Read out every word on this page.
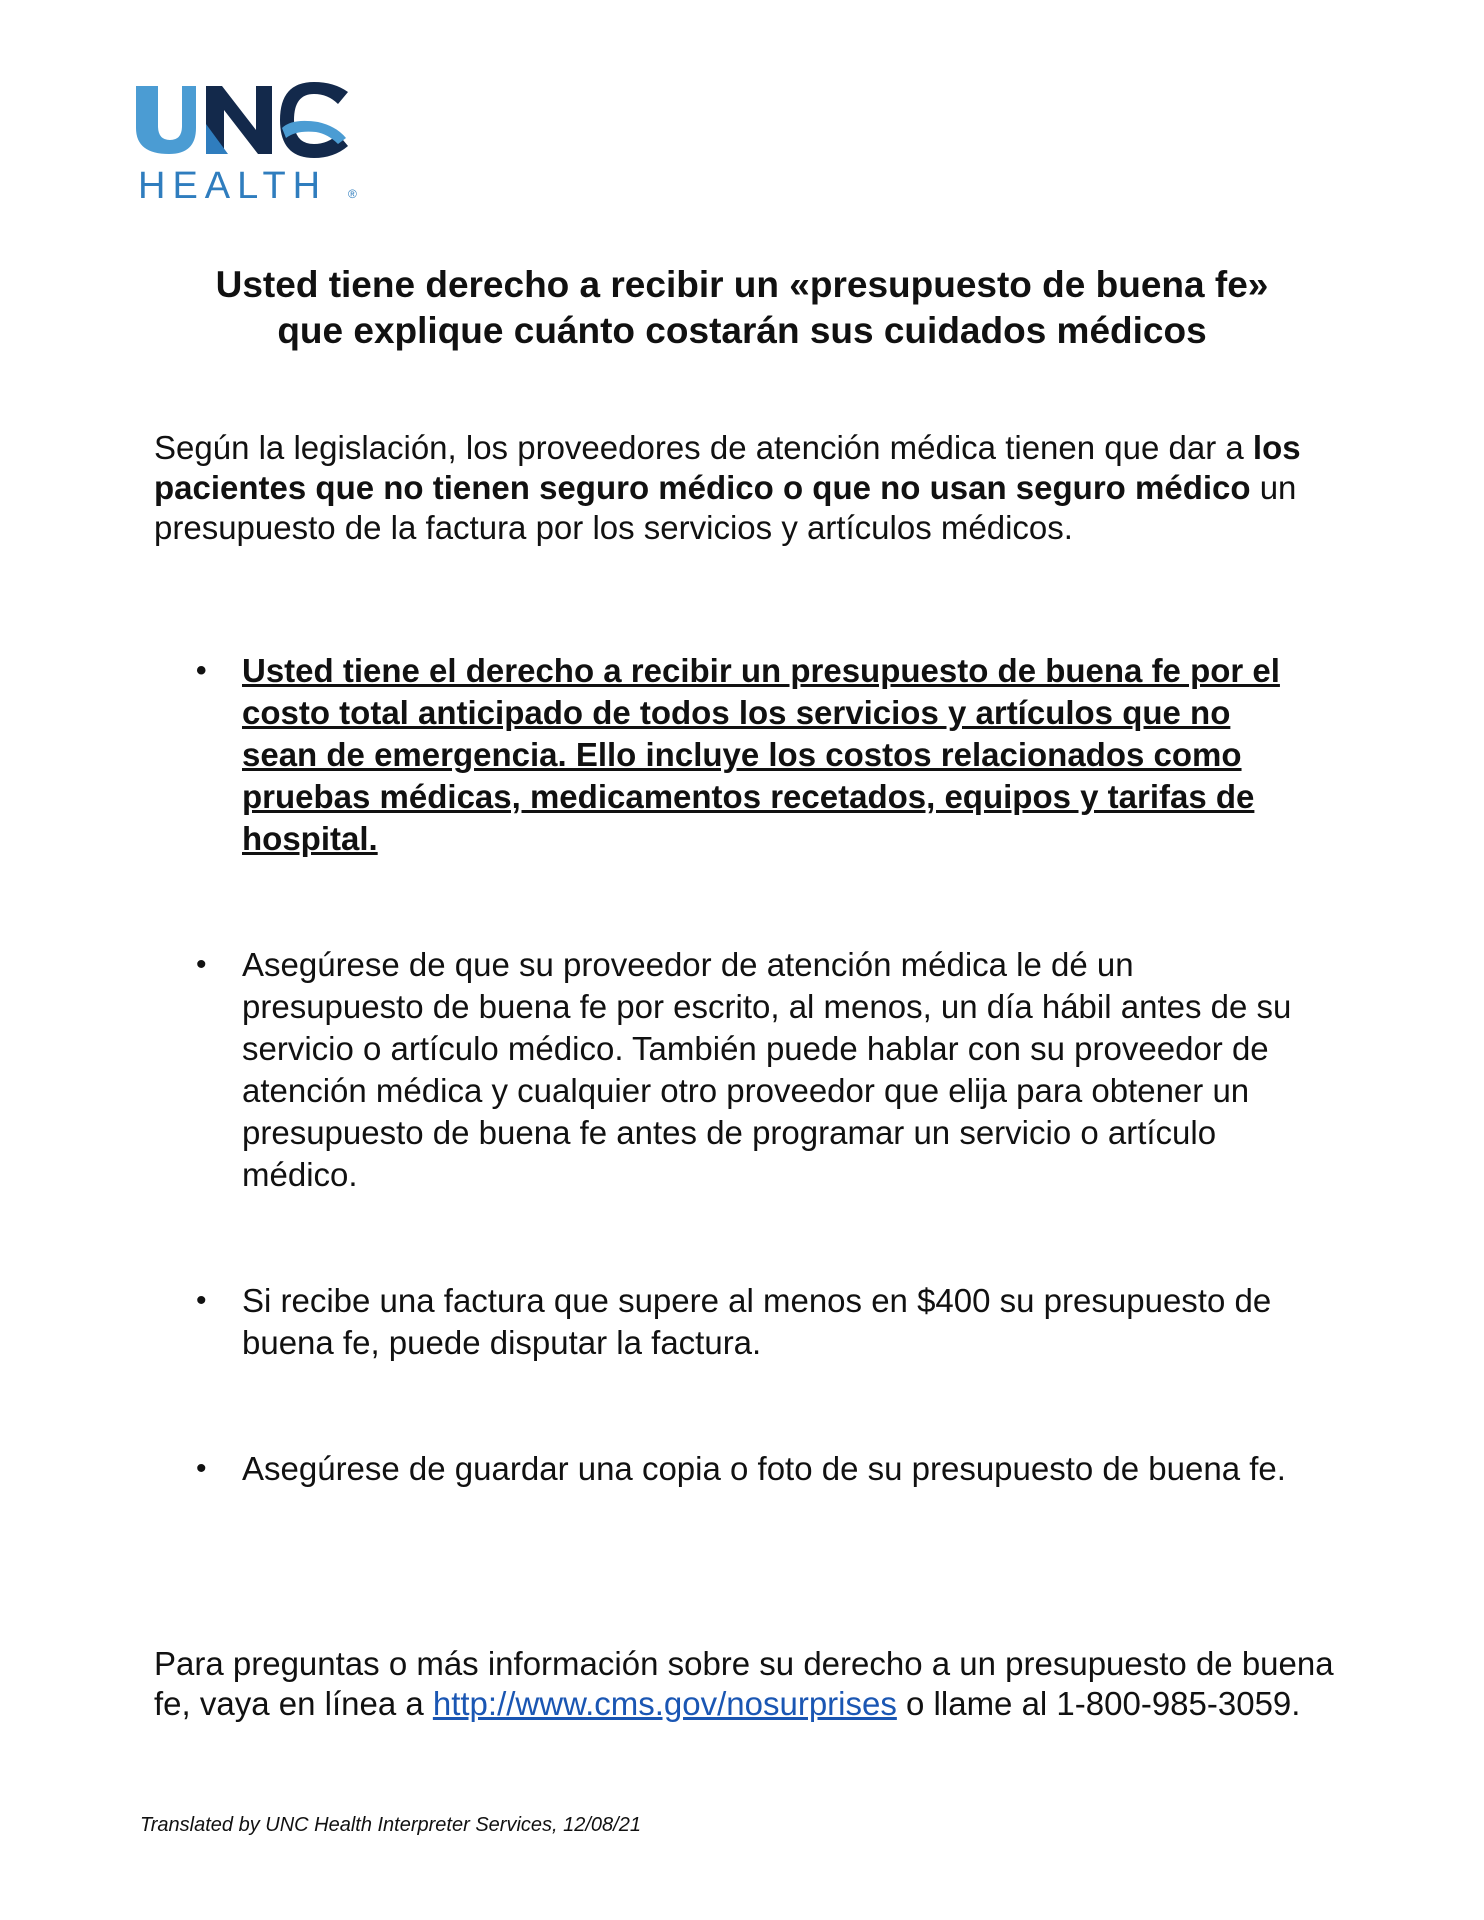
HEALTH ®
Usted tiene derecho a recibir un «presupuesto de buena fe»
que explique cuánto costarán sus cuidados médicos

Según la legislación, los proveedores de atención médica tienen que dar a los pacientes que no tienen seguro médico o que no usan seguro médico un presupuesto de la factura por los servicios y artículos médicos.

• Usted tiene el derecho a recibir un presupuesto de buena fe por el costo total anticipado de todos los servicios y artículos que no sean de emergencia. Ello incluye los costos relacionados como pruebas médicas, medicamentos recetados, equipos y tarifas de hospital.

• Asegúrese de que su proveedor de atención médica le dé un presupuesto de buena fe por escrito, al menos, un día hábil antes de su servicio o artículo médico. También puede hablar con su proveedor de atención médica y cualquier otro proveedor que elija para obtener un presupuesto de buena fe antes de programar un servicio o artículo médico.

• Si recibe una factura que supere al menos en $400 su presupuesto de buena fe, puede disputar la factura.

• Asegúrese de guardar una copia o foto de su presupuesto de buena fe.

Para preguntas o más información sobre su derecho a un presupuesto de buena fe, vaya en línea a http://www.cms.gov/nosurprises o llame al 1-800-985-3059.

Translated by UNC Health Interpreter Services, 12/08/21
